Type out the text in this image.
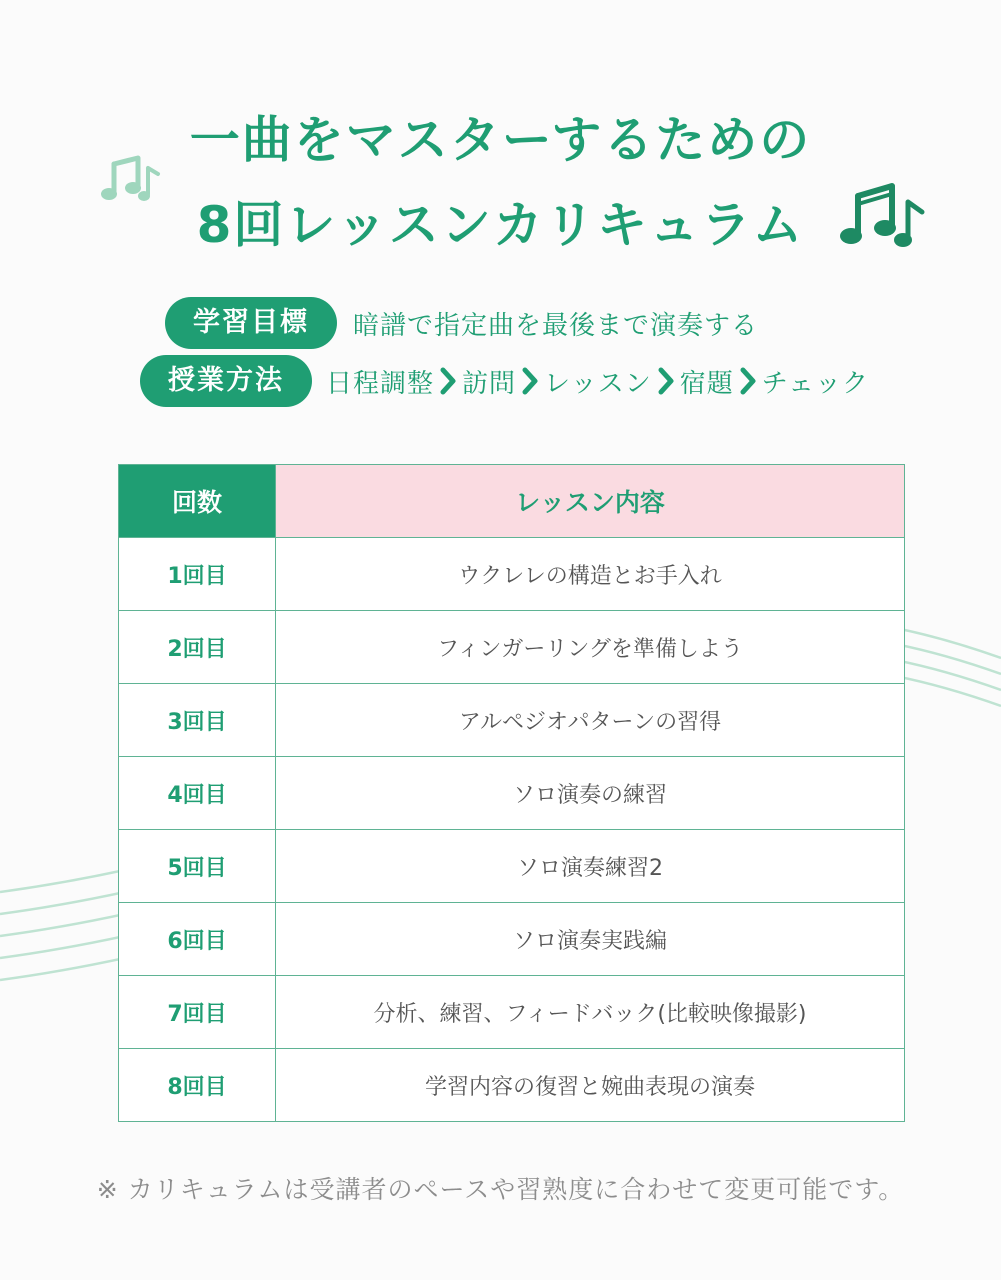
一曲をマスターするための
8回レッスンカリキュラム
学習目標	暗譜で指定曲を最後まで演奏する
授業方法	日程調整 訪問 レッスン 宿題 チェック
回数	レッスン内容
1回目	ウクレレの構造とお手入れ
2回目	フィンガーリングを準備しよう
3回目	アルペジオパターンの習得
4回目	ソロ演奏の練習
5回目	ソロ演奏練習2
6回目	ソロ演奏実践編
7回目	分析、練習、フィードバック(比較映像撮影)
8回目	学習内容の復習と婉曲表現の演奏

※ カリキュラムは受講者のペースや習熟度に合わせて変更可能です。
